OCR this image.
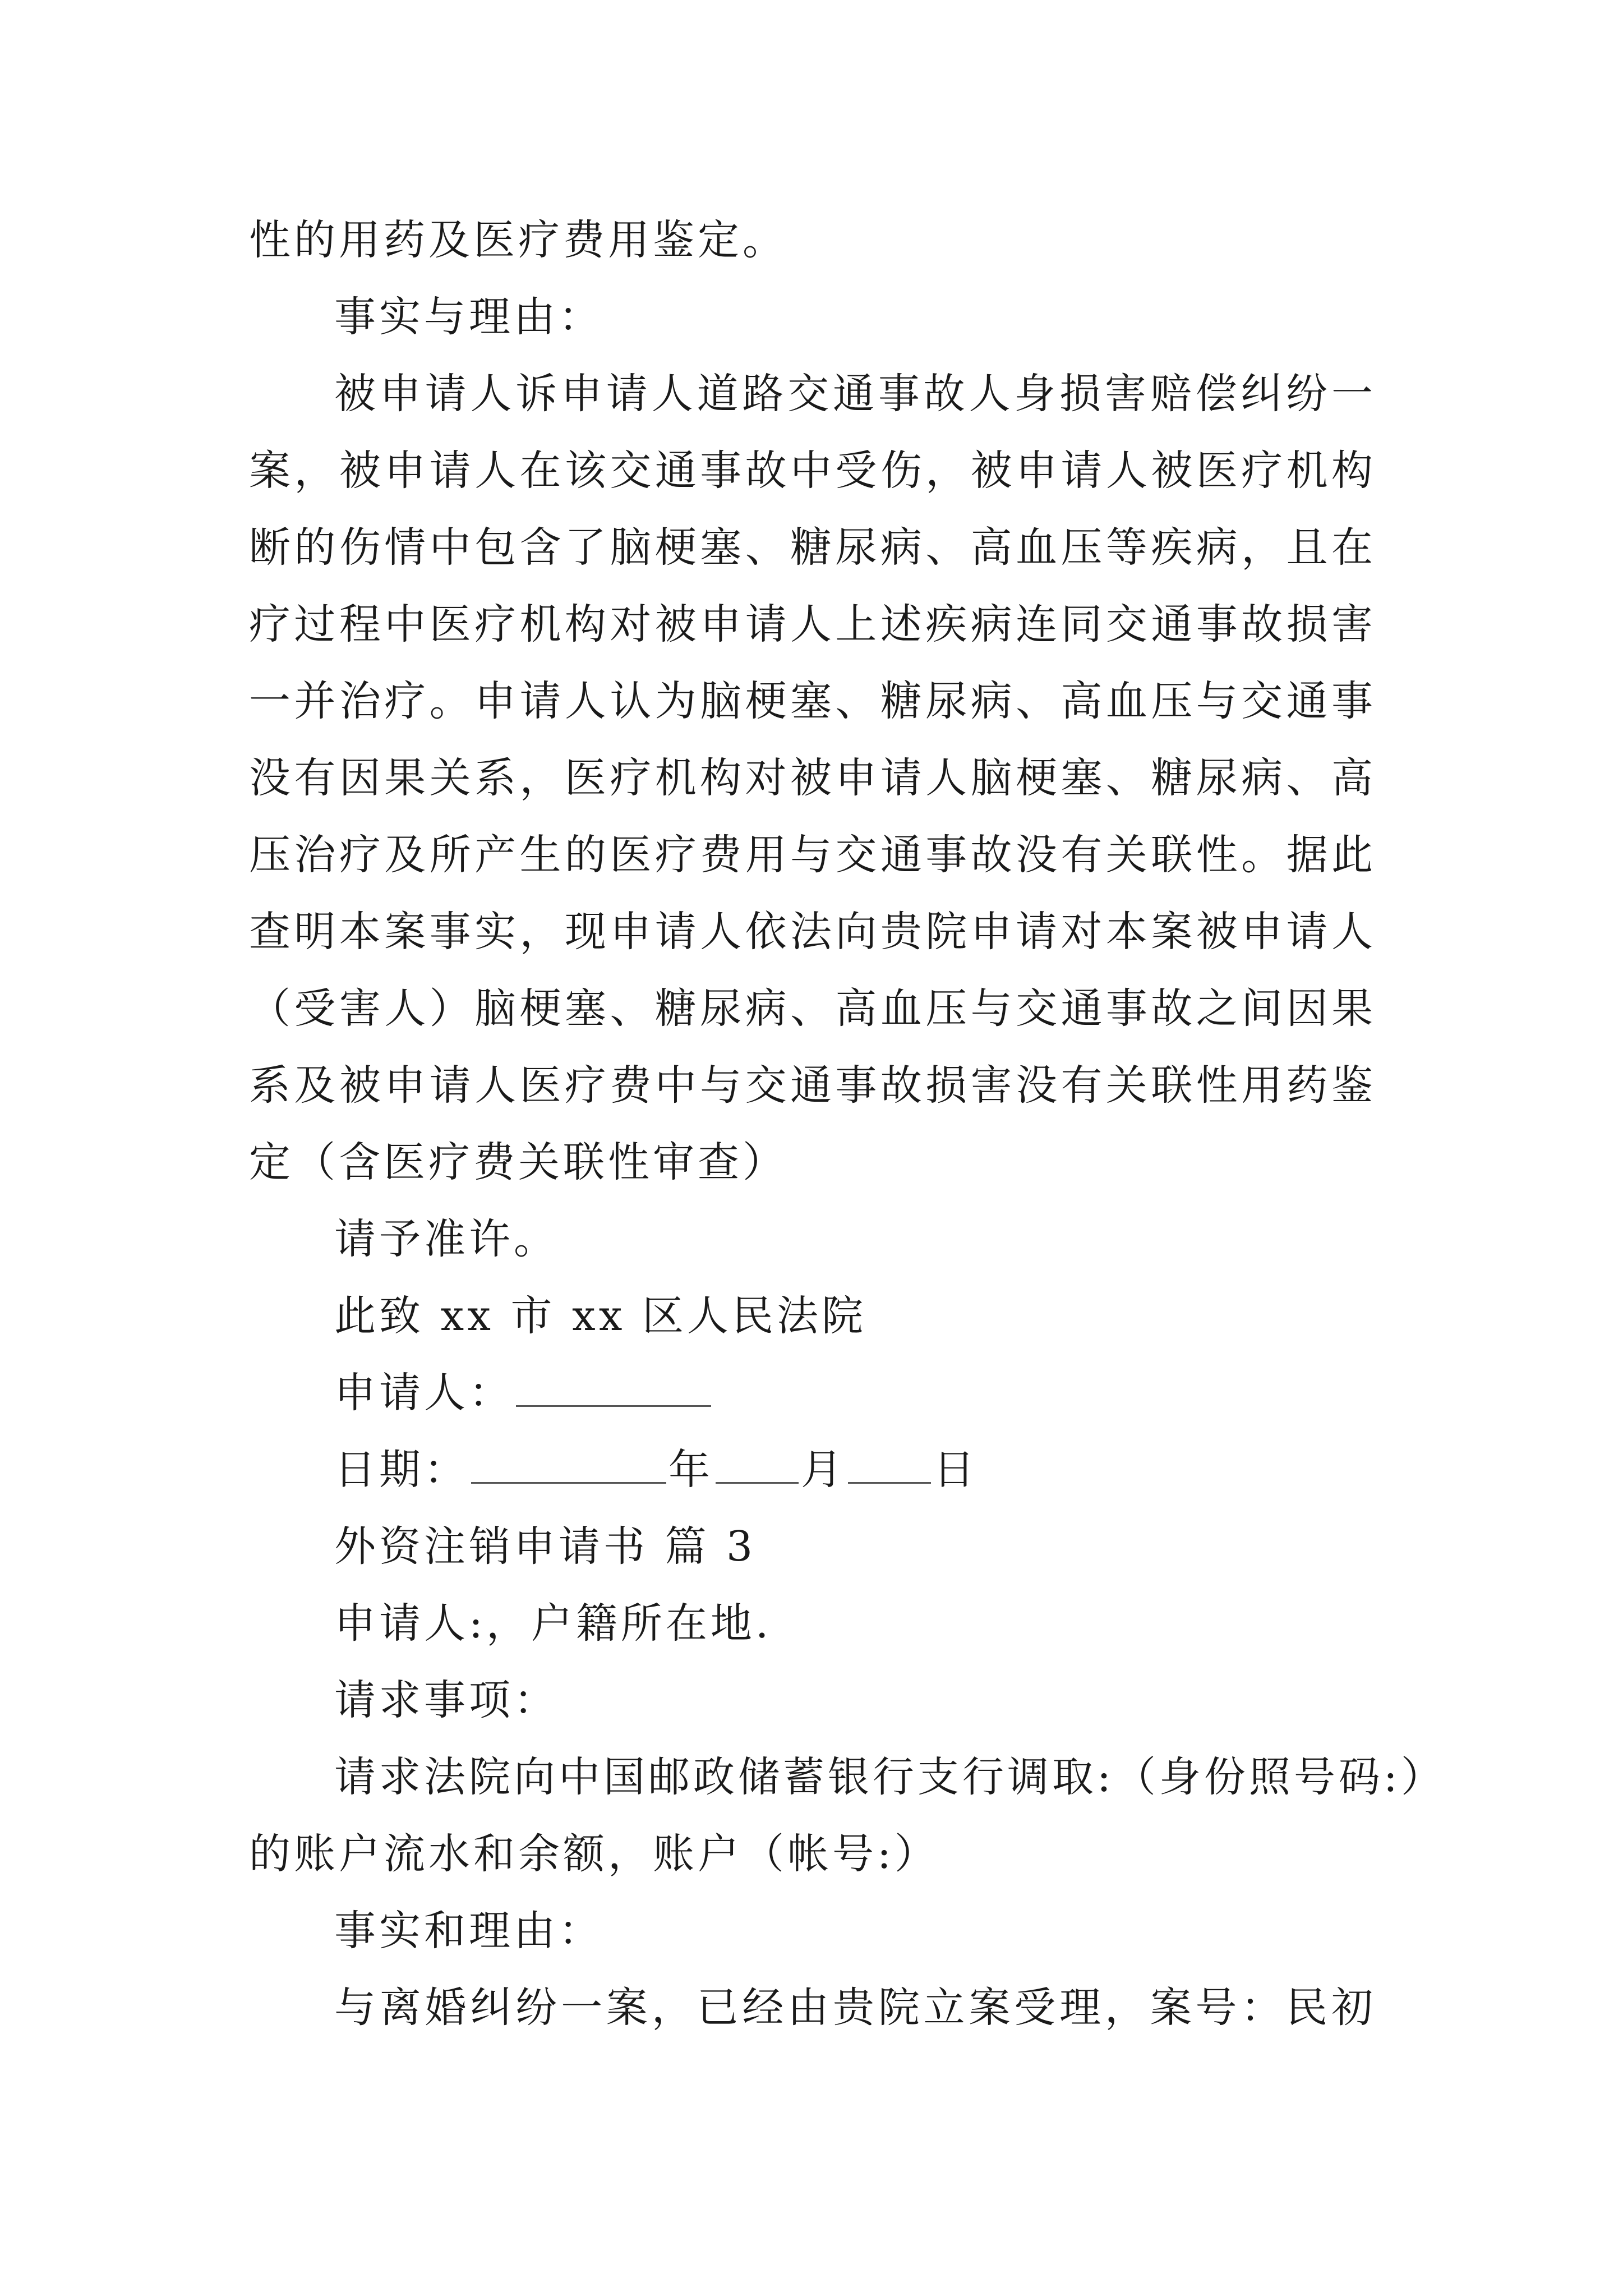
性的用药及医疗费用鉴定。
事实与理由：
被申请人诉申请人道路交通事故人身损害赔偿纠纷一
案，被申请人在该交通事故中受伤，被申请人被医疗机构
断的伤情中包含了脑梗塞、糖尿病、高血压等疾病，且在
疗过程中医疗机构对被申请人上述疾病连同交通事故损害
一并治疗。申请人认为脑梗塞、糖尿病、高血压与交通事
没有因果关系，医疗机构对被申请人脑梗塞、糖尿病、高
压治疗及所产生的医疗费用与交通事故没有关联性。据此
查明本案事实，现申请人依法向贵院申请对本案被申请人
（受害人）脑梗塞、糖尿病、高血压与交通事故之间因果
系及被申请人医疗费中与交通事故损害没有关联性用药鉴
定（含医疗费关联性审查）
请予准许。
此致 xx 市 xx 区人民法院
申请人：
日期：	年 月 日
外资注销申请书 篇 3
申请人:，户籍所在地.
请求事项：
请求法院向中国邮政储蓄银行支行调取:（身份照号码:）
的账户流水和余额，账户（帐号:）
事实和理由：
与离婚纠纷一案，已经由贵院立案受理，案号：民初
